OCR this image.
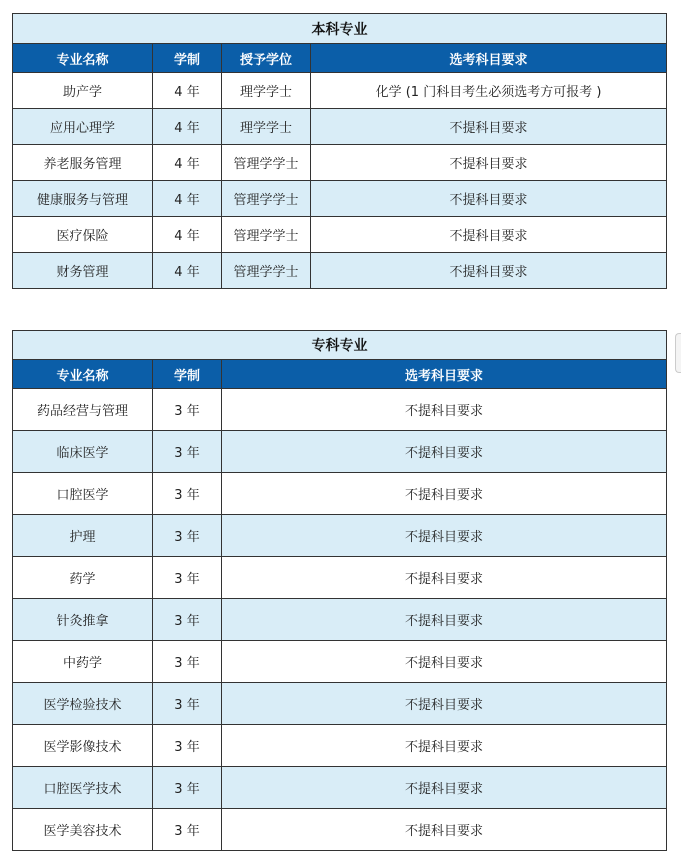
本科专业			
专业名称	学制	授予学位	选考科目要求
助产学	4 年	理学学士	化学 (1 门科目考生必须选考方可报考 )
应用心理学	4 年	理学学士	不提科目要求
养老服务管理	4 年	管理学学士	不提科目要求
健康服务与管理	4 年	管理学学士	不提科目要求
医疗保险	4 年	管理学学士	不提科目要求
财务管理	4 年	管理学学士	不提科目要求
专科专业		
专业名称	学制	选考科目要求
药品经营与管理	3 年	不提科目要求
临床医学	3 年	不提科目要求
口腔医学	3 年	不提科目要求
护理	3 年	不提科目要求
药学	3 年	不提科目要求
针灸推拿	3 年	不提科目要求
中药学	3 年	不提科目要求
医学检验技术	3 年	不提科目要求
医学影像技术	3 年	不提科目要求
口腔医学技术	3 年	不提科目要求
医学美容技术	3 年	不提科目要求
